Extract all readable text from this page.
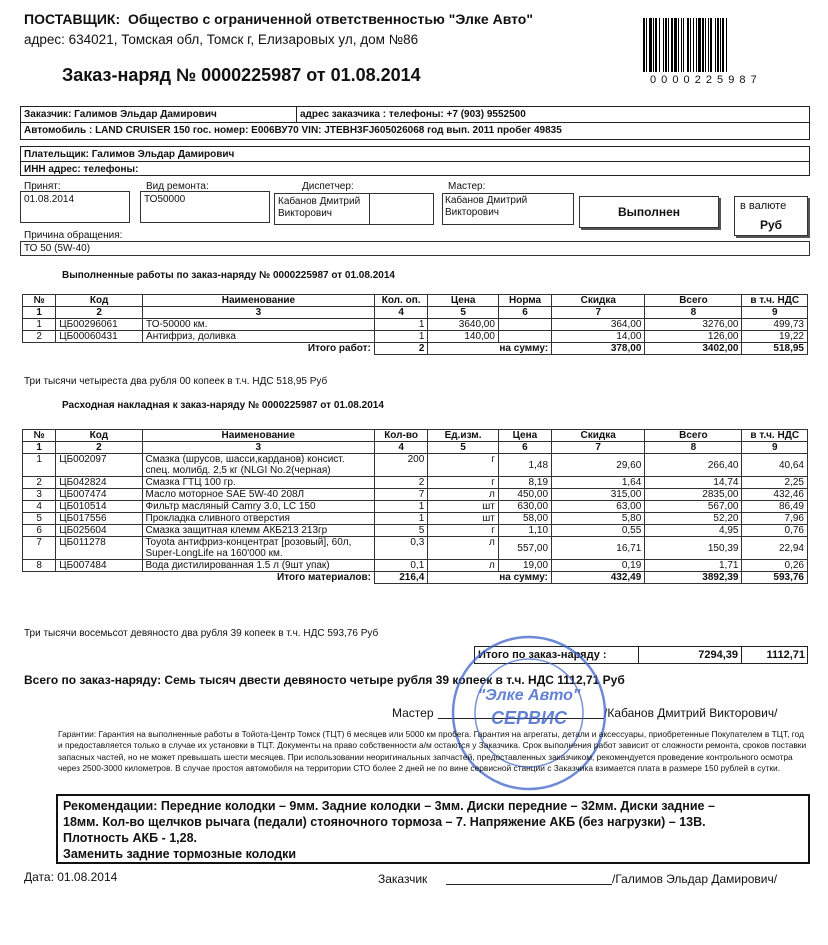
ПОСТАВЩИК: Общество с ограниченной ответственностью "Элке Авто"
адрес: 634021, Томская обл, Томск г, Елизаровых ул, дом №86
Заказ-наряд № 0000225987 от 01.08.2014	0 0 0 0 2 2 5 9 8 7
Заказчик: Галимов Эльдар Дамирович	адрес заказчика : телефоны: +7 (903) 9552500
Автомобиль : LAND CRUISER 150 гос. номер: Е006ВУ70 VIN: JTEBH3FJ605026068 год вып. 2011 пробег 49835
Плательщик: Галимов Эльдар Дамирович
ИНН адрес: телефоны:
Принят:
01.08.2014
Вид ремонта:
ТО50000
Диспетчер:
Кабанов Дмитрий Викторович
Мастер:
Кабанов Дмитрий Викторович	Выполнен	в валюте
Руб
Причина обращения:
ТО 50 (5W-40)
Выполненные работы по заказ-наряду № 0000225987 от 01.08.2014
№	Код	Наименование	Кол. оп.	Цена	Норма	Скидка	Всего	в т.ч. НДС
1	2	3	4	5	6	7	8	9
1	ЦБ00296061	ТО-50000 км.	1	3640,00		364,00	3276,00	499,73
2	ЦБ00060431	Антифриз, доливка	1	140,00		14,00	126,00	19,22
Итого работ:			2	на сумму:		378,00	3402,00	518,95
Три тысячи четыреста два рубля 00 копеек в т.ч. НДС 518,95 Руб
Расходная накладная к заказ-наряду № 0000225987 от 01.08.2014
№	Код	Наименование	Кол-во	Ед.изм.	Цена	Скидка	Всего	в т.ч. НДС
1	2	3	4	5	6	7	8	9
1	ЦБ002097	Смазка (шрусов, шасси,карданов) консист. спец. молибд. 2,5 кг (NLGI No.2(черная)	200	г	1,48	29,60	266,40	40,64
2	ЦБ042824	Смазка ГТЦ 100 гр.	2	г	8,19	1,64	14,74	2,25
3	ЦБ007474	Масло моторное SAE 5W-40 208Л	7	л	450,00	315,00	2835,00	432,46
4	ЦБ010514	Фильтр масляный Camry 3.0, LC 150	1	шт	630,00	63,00	567,00	86,49
5	ЦБ017556	Прокладка сливного отверстия	1	шт	58,00	5,80	52,20	7,96
6	ЦБ025604	Смазка защитная клемм АКБ213 213гр	5	г	1,10	0,55	4,95	0,76
7	ЦБ011278	Toyota антифриз-концентрат [розовый], 60л, Super-LongLife на 160'000 км.	0,3	л	557,00	16,71	150,39	22,94
8	ЦБ007484	Вода дистилированная 1.5 л (9шт упак)	0,1	л	19,00	0,19	1,71	0,26
Итого материалов:			216,4	на сумму:		432,49	3892,39	593,76
Три тысячи восемьсот девяносто два рубля 39 копеек в т.ч. НДС 593,76 Руб
Итого по заказ-наряду :	7294,39	1112,71
Всего по заказ-наряду: Семь тысяч двести девяносто четыре рубля 39 копеек в т.ч. НДС 1112,71 Руб
Мастер	/Кабанов Дмитрий Викторович/
"Элке Авто"
СЕРВИС
Гарантии: Гарантия на выполненные работы в Тойота-Центр Томск (ТЦТ) 6 месяцев или 5000 км пробега. Гарантия на агрегаты, детали и аксессуары, приобретенные Покупателем в ТЦТ, год и предоставляется только в случае их установки в ТЦТ. Документы на право собственности а/м остаются у Заказчика. Срок выполнения работ зависит от сложности ремонта, сроков поставки запасных частей, но не может превышать шести месяцев. При использовании неоригинальных запчастей, предоставленных заказчиком, рекомендуется проведение контрольного осмотра через 2500-3000 километров. В случае простоя автомобиля на территории СТО более 2 дней не по вине сервисной станции с Заказчика взимается плата в размере 150 рублей в сутки.
Рекомендации: Передние колодки – 9мм. Задние колодки – 3мм. Диски передние – 32мм. Диски задние –
18мм. Кол-во щелчков рычага (педали) стояночного тормоза – 7. Напряжение АКБ (без нагрузки) – 13В.
Плотность АКБ - 1,28.
Заменить задние тормозные колодки
Дата: 01.08.2014	Заказчик	/Галимов Эльдар Дамирович/
